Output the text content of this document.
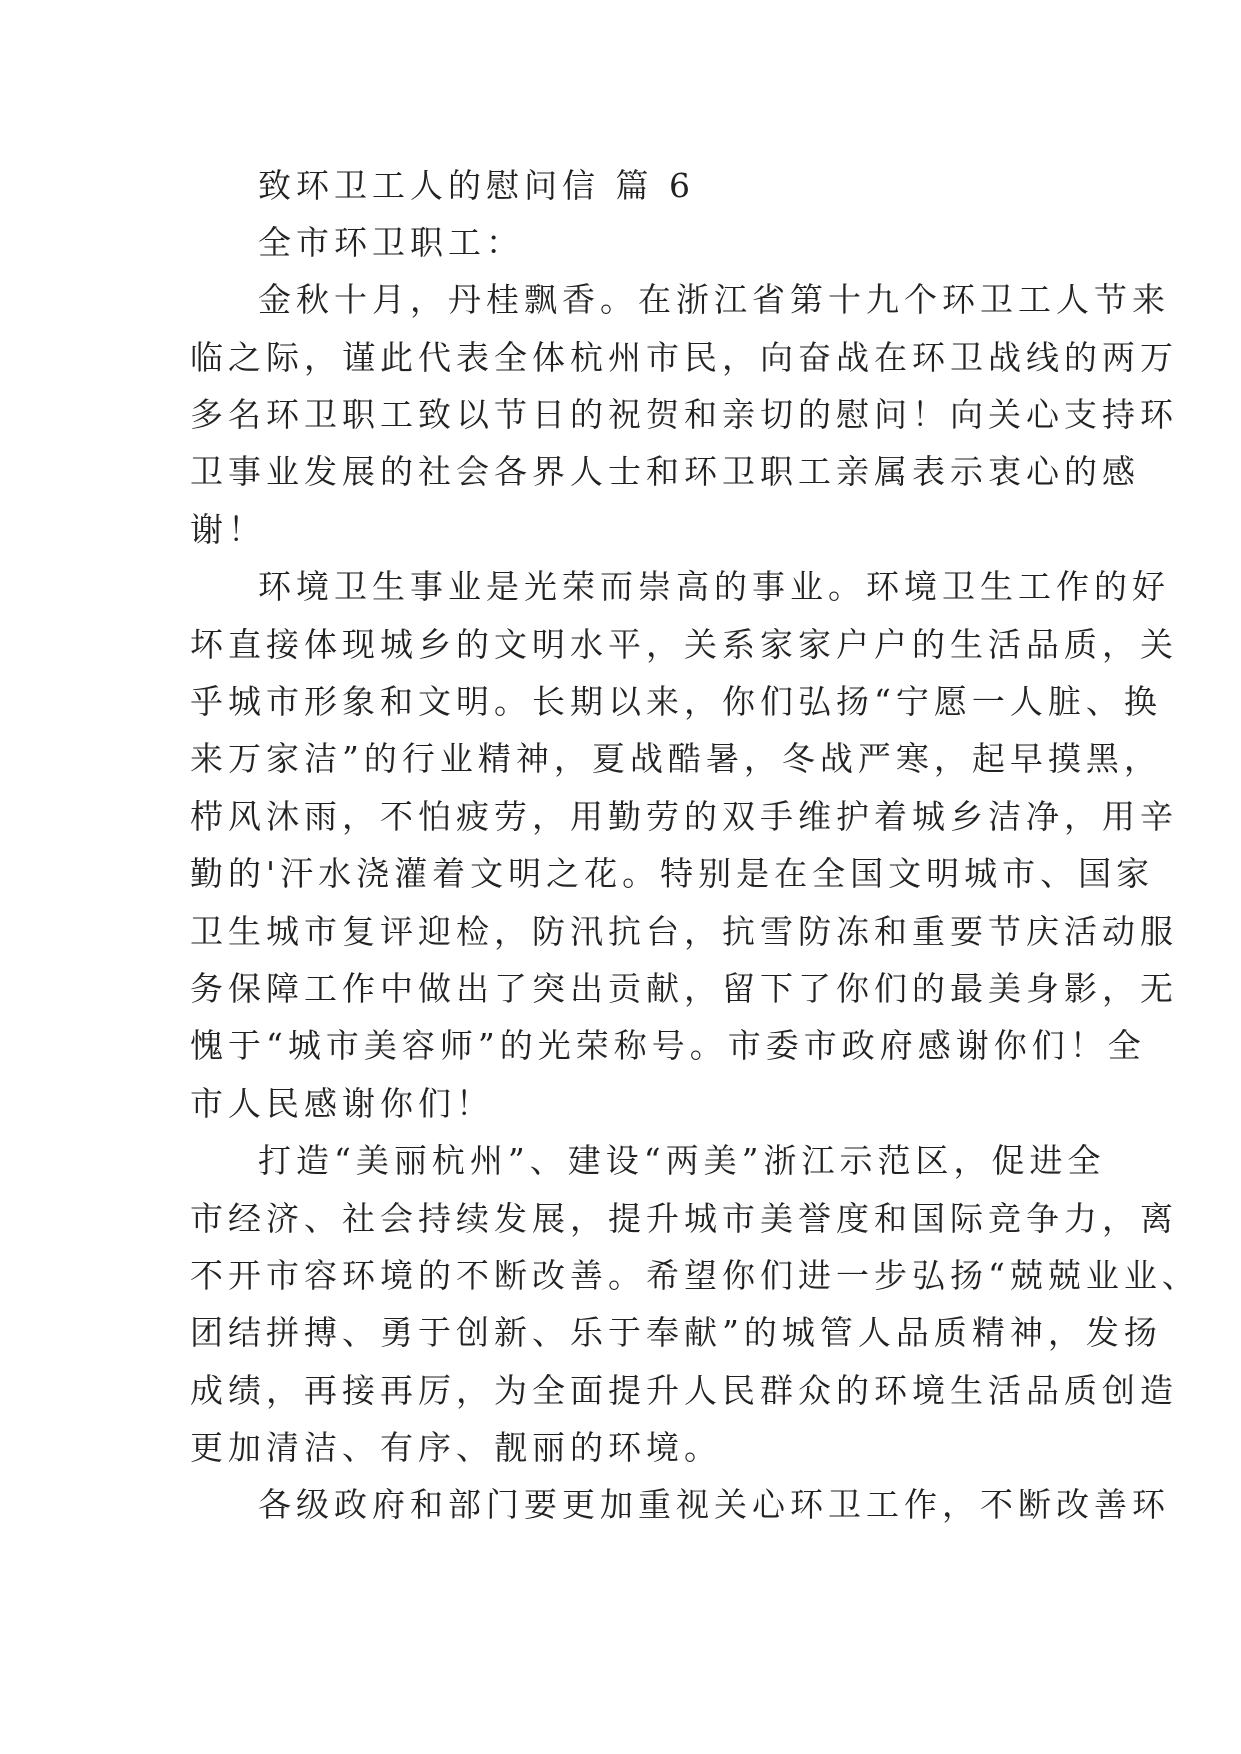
致环卫工人的慰问信 篇 6
全市环卫职工：
金秋十月，丹桂飘香。在浙江省第十九个环卫工人节来
临之际，谨此代表全体杭州市民，向奋战在环卫战线的两万
多名环卫职工致以节日的祝贺和亲切的慰问！向关心支持环
卫事业发展的社会各界人士和环卫职工亲属表示衷心的感
谢！
环境卫生事业是光荣而崇高的事业。环境卫生工作的好
坏直接体现城乡的文明水平，关系家家户户的生活品质，关
乎城市形象和文明。长期以来，你们弘扬“宁愿一人脏、换
来万家洁”的行业精神，夏战酷暑，冬战严寒，起早摸黑，
栉风沐雨，不怕疲劳，用勤劳的双手维护着城乡洁净，用辛
勤的'汗水浇灌着文明之花。特别是在全国文明城市、国家
卫生城市复评迎检，防汛抗台，抗雪防冻和重要节庆活动服
务保障工作中做出了突出贡献，留下了你们的最美身影，无
愧于“城市美容师”的光荣称号。市委市政府感谢你们！全
市人民感谢你们！
打造“美丽杭州”、建设“两美”浙江示范区，促进全
市经济、社会持续发展，提升城市美誉度和国际竞争力，离
不开市容环境的不断改善。希望你们进一步弘扬“兢兢业业、
团结拼搏、勇于创新、乐于奉献”的城管人品质精神，发扬
成绩，再接再厉，为全面提升人民群众的环境生活品质创造
更加清洁、有序、靓丽的环境。
各级政府和部门要更加重视关心环卫工作，不断改善环
